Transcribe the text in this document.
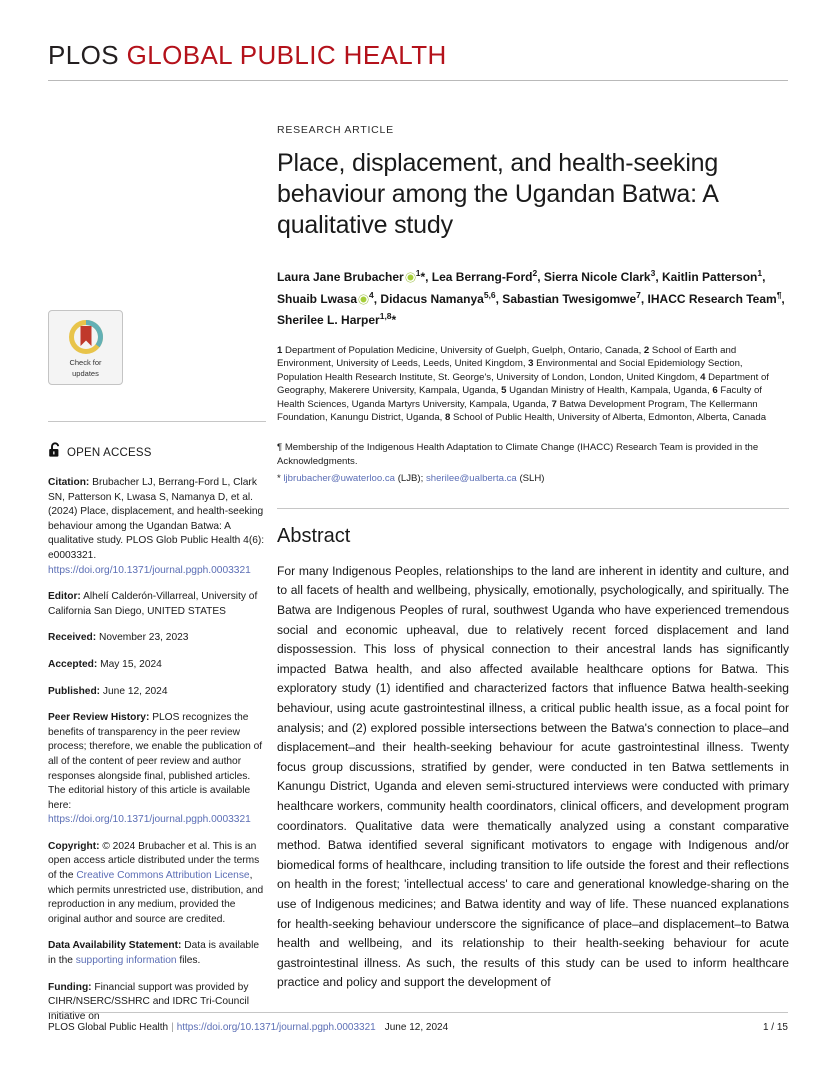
PLOS GLOBAL PUBLIC HEALTH
Check for
updates
OPEN ACCESS
Citation: Brubacher LJ, Berrang-Ford L, Clark SN, Patterson K, Lwasa S, Namanya D, et al. (2024) Place, displacement, and health-seeking behaviour among the Ugandan Batwa: A qualitative study. PLOS Glob Public Health 4(6): e0003321. https://doi.org/10.1371/journal.pgph.0003321
Editor: Alhelí Calderón-Villarreal, University of California San Diego, UNITED STATES
Received: November 23, 2023
Accepted: May 15, 2024
Published: June 12, 2024
Peer Review History: PLOS recognizes the benefits of transparency in the peer review process; therefore, we enable the publication of all of the content of peer review and author responses alongside final, published articles. The editorial history of this article is available here: https://doi.org/10.1371/journal.pgph.0003321
Copyright: © 2024 Brubacher et al. This is an open access article distributed under the terms of the Creative Commons Attribution License, which permits unrestricted use, distribution, and reproduction in any medium, provided the original author and source are credited.
Data Availability Statement: Data is available in the supporting information files.
Funding: Financial support was provided by CIHR/NSERC/SSHRC and IDRC Tri-Council Initiative on
RESEARCH ARTICLE
Place, displacement, and health-seeking behaviour among the Ugandan Batwa: A qualitative study
Laura Jane Brubacher $^1$*, Lea Berrang-Ford$^2$, Sierra Nicole Clark$^3$, Kaitlin Patterson$^1$, Shuaib Lwasa $^4$, Didacus Namanya$^{5,6}$, Sabastian Twesigomwe$^7$, IHACC Research Team¶, Sherilee L. Harper$^{1,8}$*
1 Department of Population Medicine, University of Guelph, Guelph, Ontario, Canada, 2 School of Earth and Environment, University of Leeds, Leeds, United Kingdom, 3 Environmental and Social Epidemiology Section, Population Health Research Institute, St. George's, University of London, London, United Kingdom, 4 Department of Geography, Makerere University, Kampala, Uganda, 5 Ugandan Ministry of Health, Kampala, Uganda, 6 Faculty of Health Sciences, Uganda Martyrs University, Kampala, Uganda, 7 Batwa Development Program, The Kellermann Foundation, Kanungu District, Uganda, 8 School of Public Health, University of Alberta, Edmonton, Alberta, Canada
¶ Membership of the Indigenous Health Adaptation to Climate Change (IHACC) Research Team is provided in the Acknowledgments.
* ljbrubacher@uwaterloo.ca (LJB); sherilee@ualberta.ca (SLH)
Abstract

For many Indigenous Peoples, relationships to the land are inherent in identity and culture, and to all facets of health and wellbeing, physically, emotionally, psychologically, and spiritually. The Batwa are Indigenous Peoples of rural, southwest Uganda who have experienced tremendous social and economic upheaval, due to relatively recent forced displacement and land dispossession. This loss of physical connection to their ancestral lands has significantly impacted Batwa health, and also affected available healthcare options for Batwa. This exploratory study (1) identified and characterized factors that influence Batwa health-seeking behaviour, using acute gastrointestinal illness, a critical public health issue, as a focal point for analysis; and (2) explored possible intersections between the Batwa's connection to place–and displacement–and their health-seeking behaviour for acute gastrointestinal illness. Twenty focus group discussions, stratified by gender, were conducted in ten Batwa settlements in Kanungu District, Uganda and eleven semi-structured interviews were conducted with primary healthcare workers, community health coordinators, clinical officers, and development program coordinators. Qualitative data were thematically analyzed using a constant comparative method. Batwa identified several significant motivators to engage with Indigenous and/or biomedical forms of healthcare, including transition to life outside the forest and their reflections on health in the forest; 'intellectual access' to care and generational knowledge-sharing on the use of Indigenous medicines; and Batwa identity and way of life. These nuanced explanations for health-seeking behaviour underscore the significance of place–and displacement–to Batwa health and wellbeing, and its relationship to their health-seeking behaviour for acute gastrointestinal illness. As such, the results of this study can be used to inform healthcare practice and policy and support the development of

PLOS Global Public Health | https://doi.org/10.1371/journal.pgph.0003321 June 12, 2024	1 / 15
